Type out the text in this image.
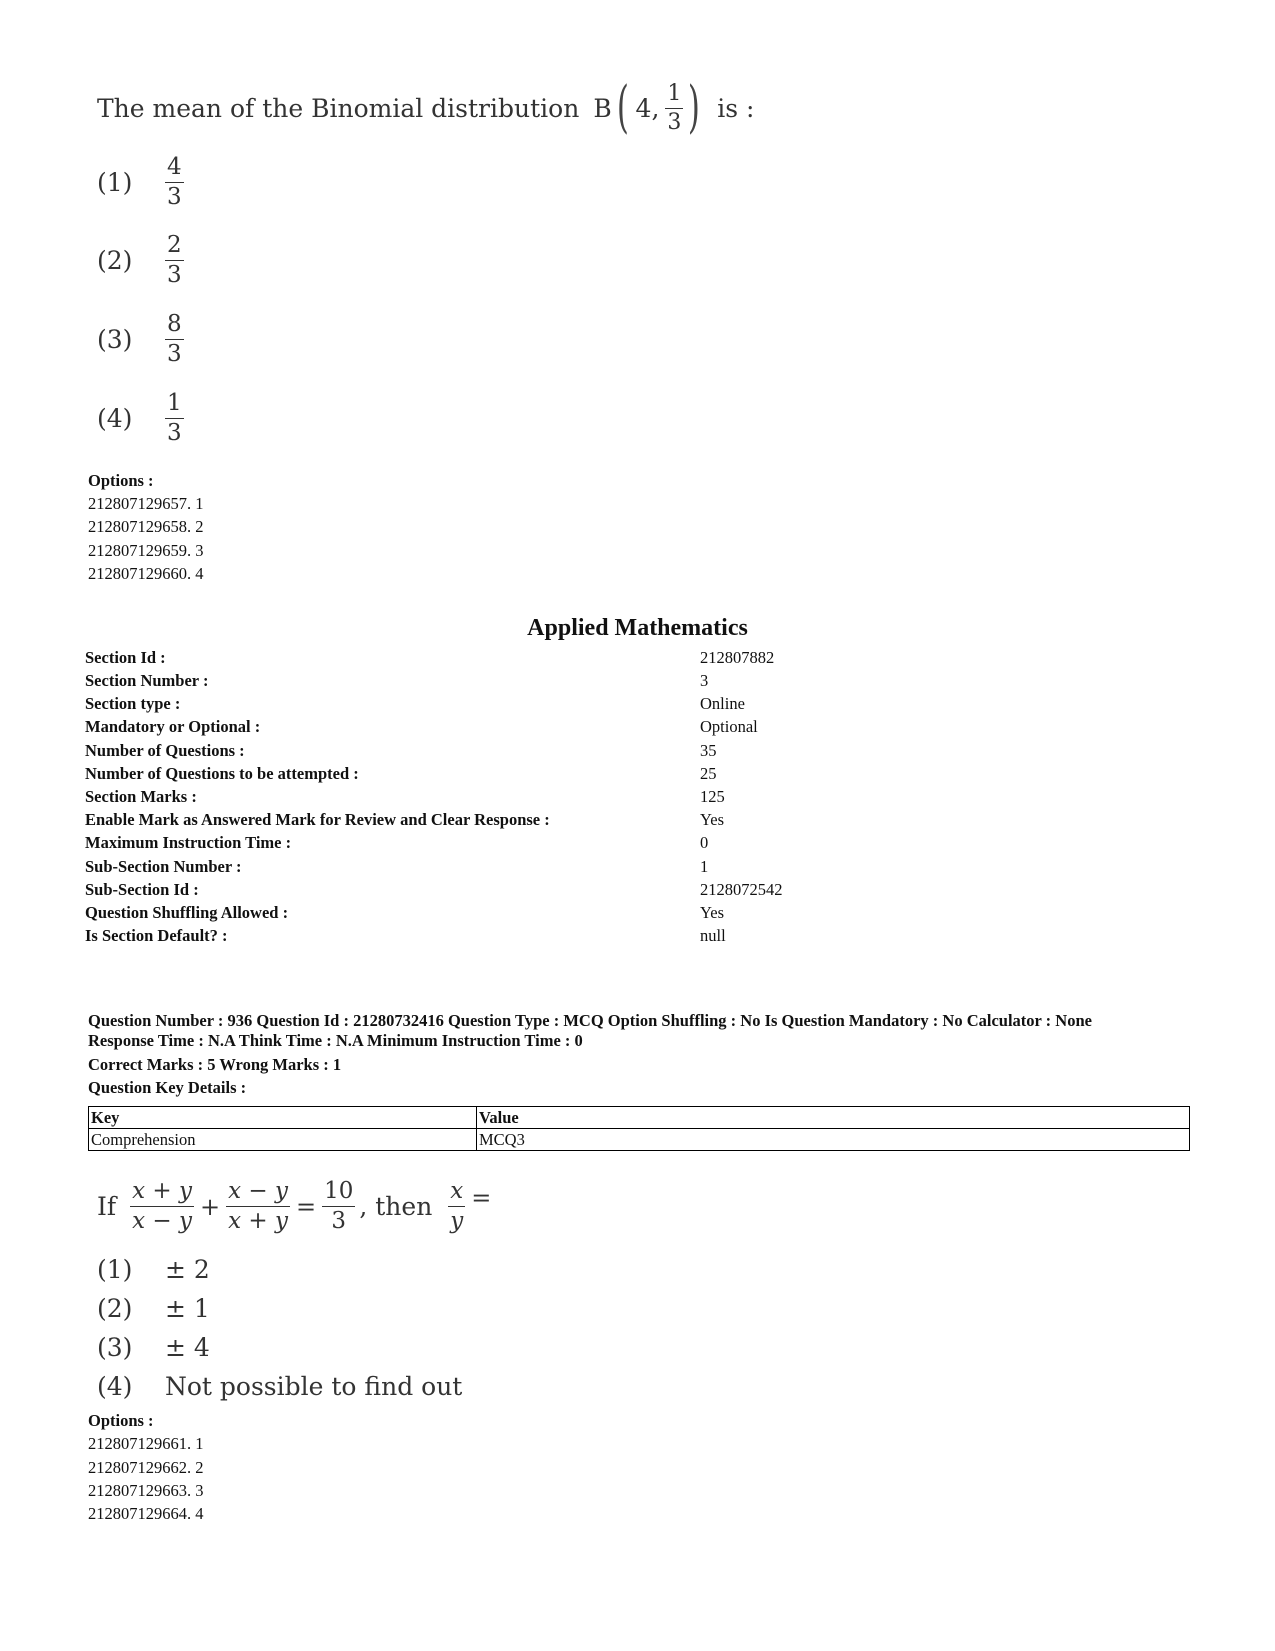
The mean of the Binomial distribution B ( 4, $\frac{1}{3}$ ) is :
(1)	$\frac{4}{3}$
(2)	$\frac{2}{3}$
(3)	$\frac{8}{3}$
(4)	$\frac{1}{3}$
Options :
212807129657. 1
212807129658. 2
212807129659. 3
212807129660. 4
Applied Mathematics
Section Id :	212807882
Section Number :	3
Section type :	Online
Mandatory or Optional :	Optional
Number of Questions :	35
Number of Questions to be attempted :	25
Section Marks :	125
Enable Mark as Answered Mark for Review and Clear Response :	Yes
Maximum Instruction Time :	0
Sub-Section Number :	1
Sub-Section Id :	2128072542
Question Shuffling Allowed :	Yes
Is Section Default? :	null
Question Number : 936 Question Id : 21280732416 Question Type : MCQ Option Shuffling : No Is Question Mandatory : No Calculator : None
Response Time : N.A Think Time : N.A Minimum Instruction Time : 0
Correct Marks : 5 Wrong Marks : 1
Question Key Details :
Key	Value
Comprehension	MCQ3
If $\frac{x + y}{x - y} + \frac{x - y}{x + y} = \frac{10}{3}$ , then $\frac{x}{y}$ =
(1)	± 2
(2)	± 1
(3)	± 4
(4)	Not possible to find out
Options :
212807129661. 1
212807129662. 2
212807129663. 3
212807129664. 4
